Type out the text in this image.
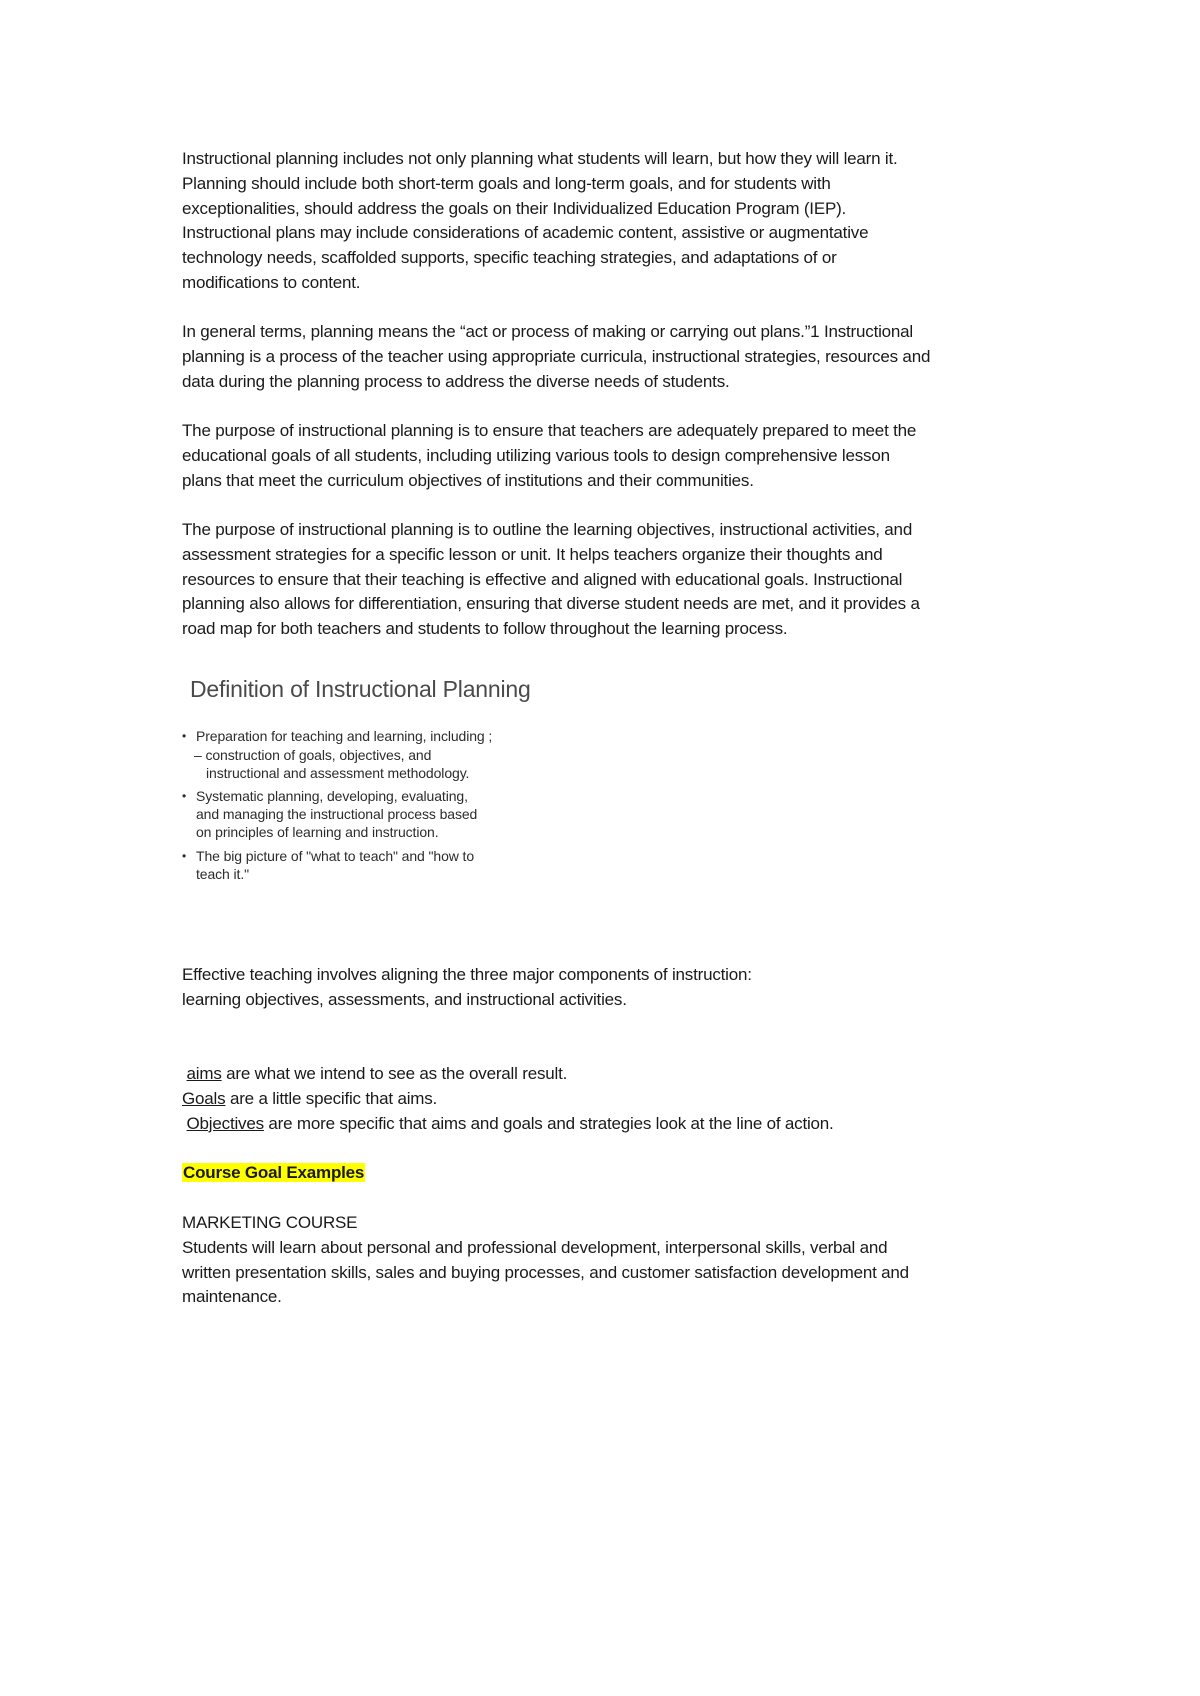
Instructional planning includes not only planning what students will learn, but how they will learn it.
Planning should include both short-term goals and long-term goals, and for students with
exceptionalities, should address the goals on their Individualized Education Program (IEP).
Instructional plans may include considerations of academic content, assistive or augmentative
technology needs, scaffolded supports, specific teaching strategies, and adaptations of or
modifications to content.
In general terms, planning means the “act or process of making or carrying out plans.”1 Instructional
planning is a process of the teacher using appropriate curricula, instructional strategies, resources and
data during the planning process to address the diverse needs of students.
The purpose of instructional planning is to ensure that teachers are adequately prepared to meet the
educational goals of all students, including utilizing various tools to design comprehensive lesson
plans that meet the curriculum objectives of institutions and their communities.
The purpose of instructional planning is to outline the learning objectives, instructional activities, and
assessment strategies for a specific lesson or unit. It helps teachers organize their thoughts and
resources to ensure that their teaching is effective and aligned with educational goals. Instructional
planning also allows for differentiation, ensuring that diverse student needs are met, and it provides a
road map for both teachers and students to follow throughout the learning process.
Definition of Instructional Planning
• Preparation for teaching and learning, including ;
– construction of goals, objectives, and
instructional and assessment methodology.
• Systematic planning, developing, evaluating,
and managing the instructional process based
on principles of learning and instruction.
• The big picture of "what to teach" and "how to
teach it."
Effective teaching involves aligning the three major components of instruction:
learning objectives, assessments, and instructional activities.
aims are what we intend to see as the overall result.
Goals are a little specific that aims.
Objectives are more specific that aims and goals and strategies look at the line of action.
Course Goal Examples
MARKETING COURSE
Students will learn about personal and professional development, interpersonal skills, verbal and
written presentation skills, sales and buying processes, and customer satisfaction development and
maintenance.
